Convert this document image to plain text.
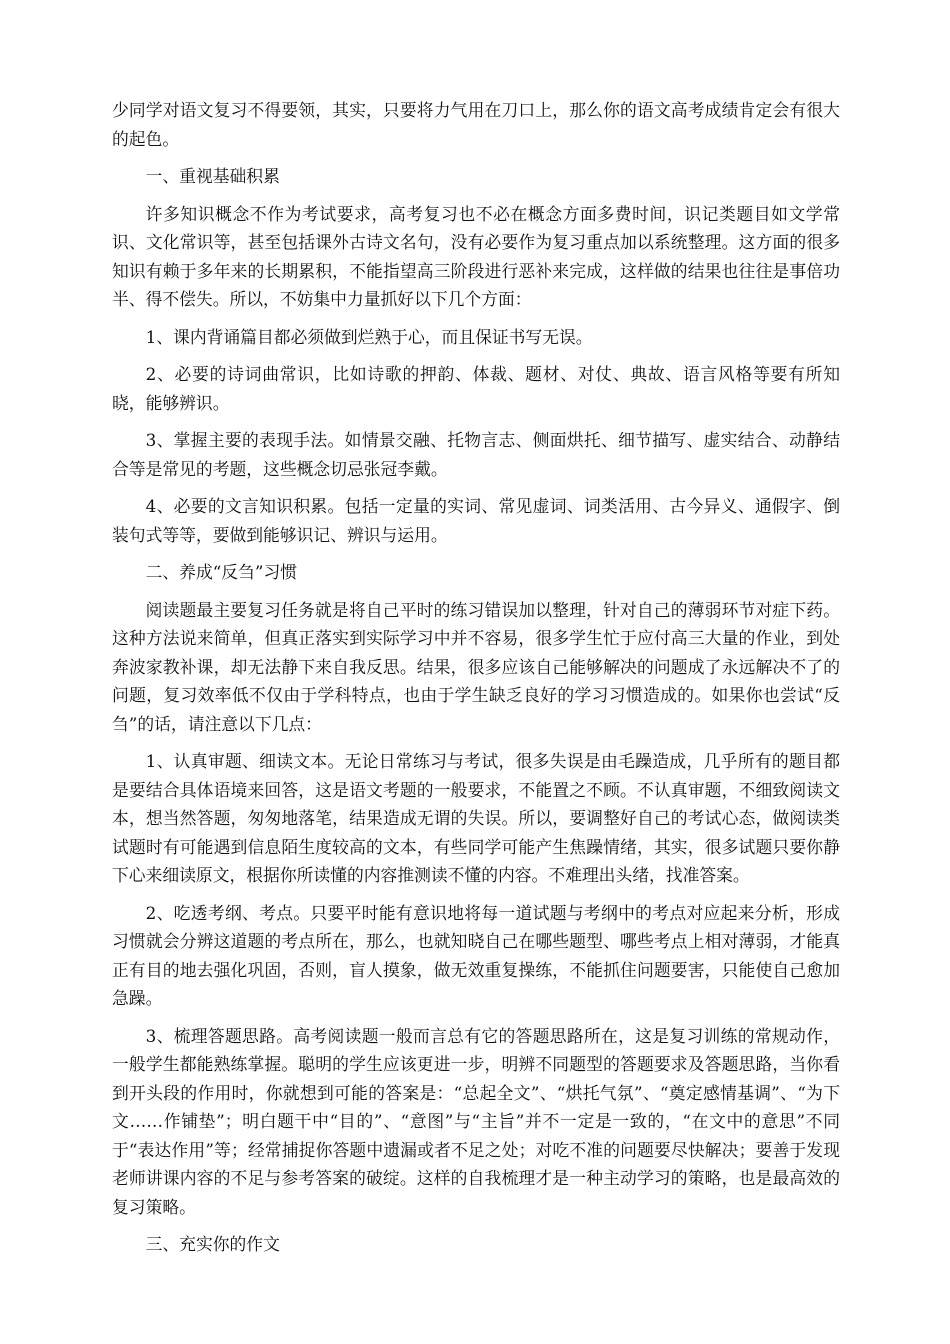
少同学对语文复习不得要领，其实，只要将力气用在刀口上，那么你的语文高考成绩肯定会有很大的起色。

一、重视基础积累

许多知识概念不作为考试要求，高考复习也不必在概念方面多费时间，识记类题目如文学常识、文化常识等，甚至包括课外古诗文名句，没有必要作为复习重点加以系统整理。这方面的很多知识有赖于多年来的长期累积，不能指望高三阶段进行恶补来完成，这样做的结果也往往是事倍功半、得不偿失。所以，不妨集中力量抓好以下几个方面：

1、课内背诵篇目都必须做到烂熟于心，而且保证书写无误。

2、必要的诗词曲常识，比如诗歌的押韵、体裁、题材、对仗、典故、语言风格等要有所知晓，能够辨识。

3、掌握主要的表现手法。如情景交融、托物言志、侧面烘托、细节描写、虚实结合、动静结合等是常见的考题，这些概念切忌张冠李戴。

4、必要的文言知识积累。包括一定量的实词、常见虚词、词类活用、古今异义、通假字、倒装句式等等，要做到能够识记、辨识与运用。

二、养成“反刍”习惯

阅读题最主要复习任务就是将自己平时的练习错误加以整理，针对自己的薄弱环节对症下药。这种方法说来简单，但真正落实到实际学习中并不容易，很多学生忙于应付高三大量的作业，到处奔波家教补课，却无法静下来自我反思。结果，很多应该自己能够解决的问题成了永远解决不了的问题，复习效率低不仅由于学科特点，也由于学生缺乏良好的学习习惯造成的。如果你也尝试“反刍”的话，请注意以下几点：

1、认真审题、细读文本。无论日常练习与考试，很多失误是由毛躁造成，几乎所有的题目都是要结合具体语境来回答，这是语文考题的一般要求，不能置之不顾。不认真审题，不细致阅读文本，想当然答题，匆匆地落笔，结果造成无谓的失误。所以，要调整好自己的考试心态，做阅读类试题时有可能遇到信息陌生度较高的文本，有些同学可能产生焦躁情绪，其实，很多试题只要你静下心来细读原文，根据你所读懂的内容推测读不懂的内容。不难理出头绪，找准答案。

2、吃透考纲、考点。只要平时能有意识地将每一道试题与考纲中的考点对应起来分析，形成习惯就会分辨这道题的考点所在，那么，也就知晓自己在哪些题型、哪些考点上相对薄弱，才能真正有目的地去强化巩固，否则，盲人摸象，做无效重复操练，不能抓住问题要害，只能使自己愈加急躁。

3、梳理答题思路。高考阅读题一般而言总有它的答题思路所在，这是复习训练的常规动作，一般学生都能熟练掌握。聪明的学生应该更进一步，明辨不同题型的答题要求及答题思路，当你看到开头段的作用时，你就想到可能的答案是：“总起全文”、“烘托气氛”、“奠定感情基调”、“为下文……作铺垫”；明白题干中“目的”、“意图”与“主旨”并不一定是一致的，“在文中的意思”不同于“表达作用”等；经常捕捉你答题中遗漏或者不足之处；对吃不准的问题要尽快解决；要善于发现老师讲课内容的不足与参考答案的破绽。这样的自我梳理才是一种主动学习的策略，也是最高效的复习策略。

三、充实你的作文
